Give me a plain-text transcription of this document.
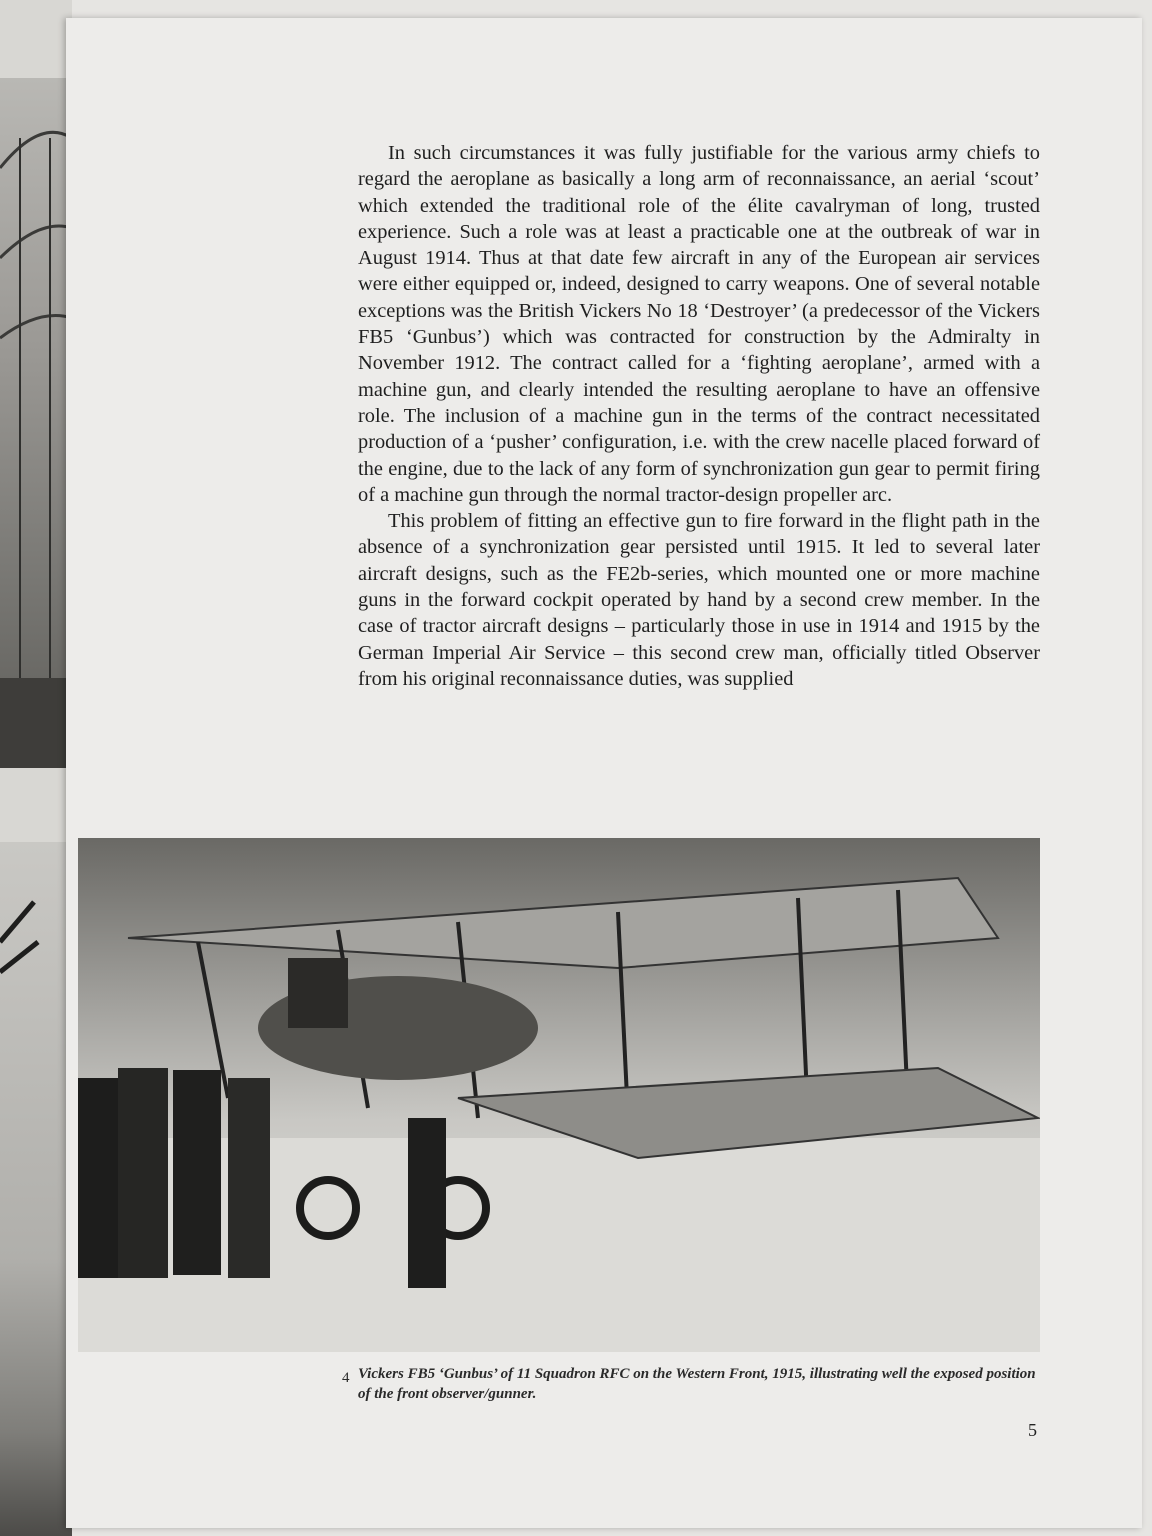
In such circumstances it was fully justifiable for the various army chiefs to regard the aeroplane as basically a long arm of reconnaissance, an aerial ‘scout’ which extended the traditional role of the élite cavalryman of long, trusted experience. Such a role was at least a practicable one at the outbreak of war in August 1914. Thus at that date few aircraft in any of the European air services were either equipped or, indeed, designed to carry weapons. One of several notable exceptions was the British Vickers No 18 ‘Destroyer’ (a predecessor of the Vickers FB5 ‘Gunbus’) which was contracted for construction by the Admiralty in November 1912. The contract called for a ‘fighting aeroplane’, armed with a machine gun, and clearly intended the resulting aeroplane to have an offensive role. The inclusion of a machine gun in the terms of the contract necessitated production of a ‘pusher’ configuration, i.e. with the crew nacelle placed forward of the engine, due to the lack of any form of synchronization gun gear to permit firing of a machine gun through the normal tractor-design propeller arc.

This problem of fitting an effective gun to fire forward in the flight path in the absence of a synchronization gear persisted until 1915. It led to several later aircraft designs, such as the FE2b-series, which mounted one or more machine guns in the forward cockpit operated by hand by a second crew member. In the case of tractor aircraft designs – particularly those in use in 1914 and 1915 by the German Imperial Air Service – this second crew man, officially titled Observer from his original reconnaissance duties, was supplied

4 Vickers FB5 ‘Gunbus’ of 11 Squadron RFC on the Western Front, 1915, illustrating well the exposed position of the front observer/gunner.
5
